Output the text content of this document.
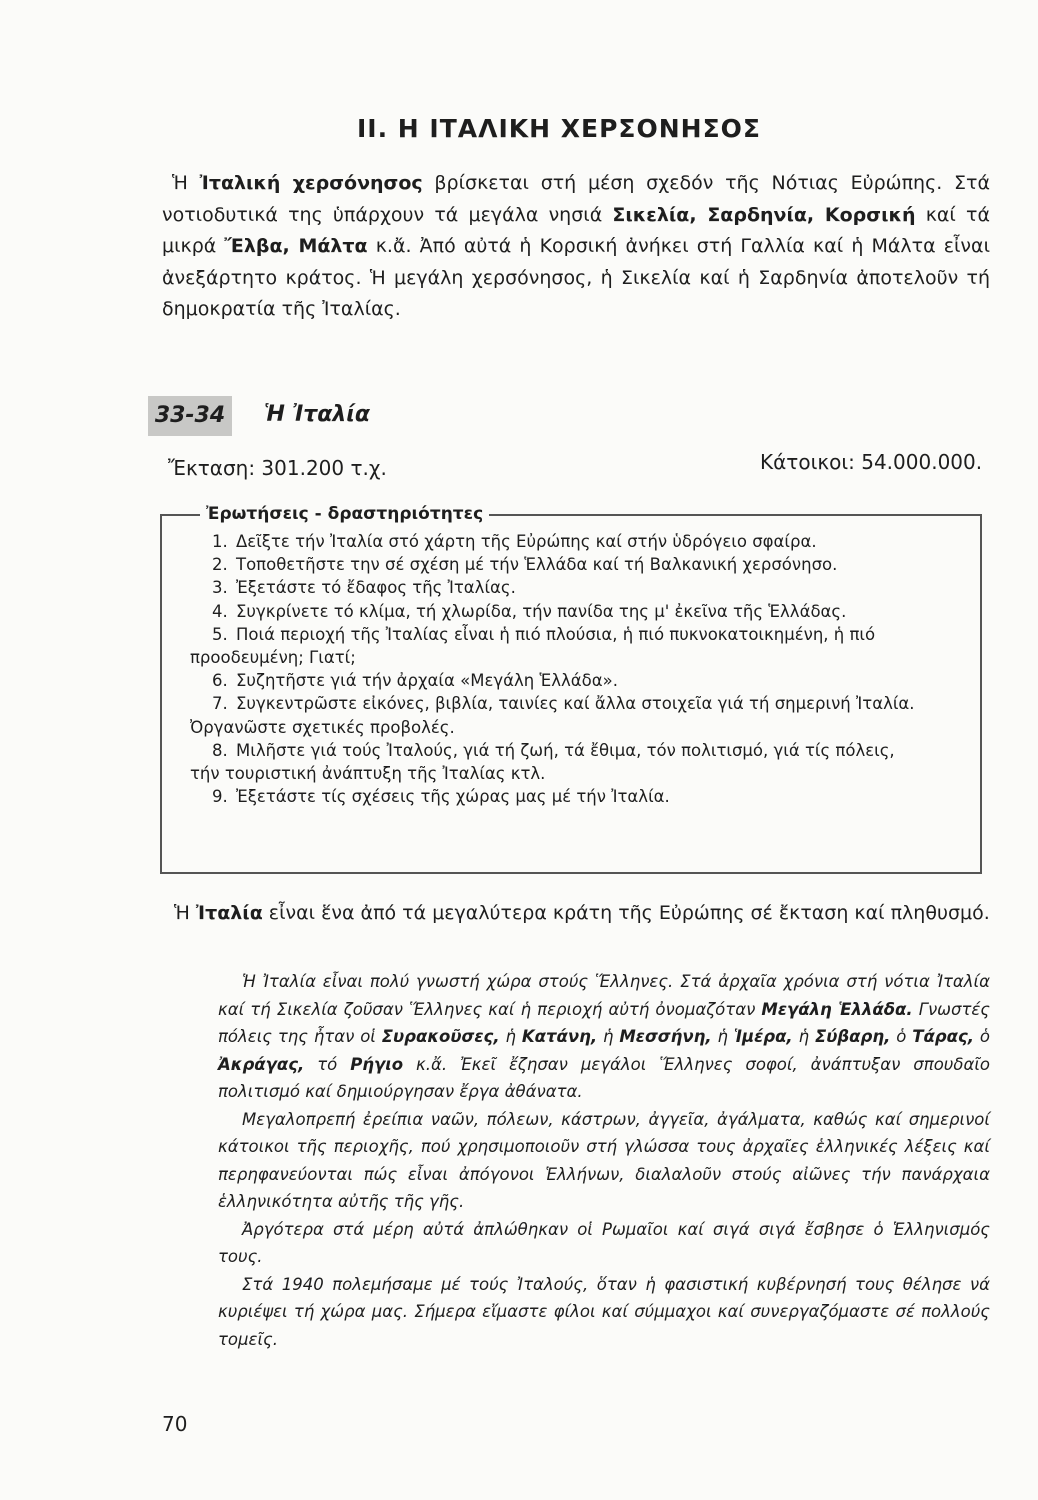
II. Η ΙΤΑΛΙΚΗ ΧΕΡΣΟΝΗΣΟΣ

Ἡ Ἰταλική χερσόνησος βρίσκεται στή μέση σχεδόν τῆς Νότιας Εὐρώπης. Στά νοτιοδυτικά της ὑπάρχουν τά μεγάλα νησιά Σικελία, Σαρδηνία, Κορσική καί τά μικρά Ἔλβα, Μάλτα κ.ἄ. Ἀπό αὐτά ἡ Κορσική ἀνήκει στή Γαλλία καί ἡ Μάλτα εἶναι ἀνεξάρτητο κράτος. Ἡ μεγάλη χερσόνησος, ἡ Σικελία καί ἡ Σαρδηνία ἀποτελοῦν τή δημοκρατία τῆς Ἰταλίας.

33-34	Ἡ Ἰταλία
Ἔκταση: 301.200 τ.χ.	Κάτοικοι: 54.000.000.
Ἐρωτήσεις - δραστηριότητες
1. Δεῖξτε τήν Ἰταλία στό χάρτη τῆς Εὐρώπης καί στήν ὑδρόγειο σφαίρα.
2. Τοποθετῆστε την σέ σχέση μέ τήν Ἑλλάδα καί τή Βαλκανική χερσόνησο.
3. Ἐξετάστε τό ἔδαφος τῆς Ἰταλίας.
4. Συγκρίνετε τό κλίμα, τή χλωρίδα, τήν πανίδα της μ' ἐκεῖνα τῆς Ἑλλάδας.
5. Ποιά περιοχή τῆς Ἰταλίας εἶναι ἡ πιό πλούσια, ἡ πιό πυκνοκατοικημένη, ἡ πιό
προοδευμένη; Γιατί;
6. Συζητῆστε γιά τήν ἀρχαία «Μεγάλη Ἑλλάδα».
7. Συγκεντρῶστε εἰκόνες, βιβλία, ταινίες καί ἄλλα στοιχεῖα γιά τή σημερινή Ἰταλία.
Ὀργανῶστε σχετικές προβολές.
8. Μιλῆστε γιά τούς Ἰταλούς, γιά τή ζωή, τά ἔθιμα, τόν πολιτισμό, γιά τίς πόλεις,
τήν τουριστική ἀνάπτυξη τῆς Ἰταλίας κτλ.
9. Ἐξετάστε τίς σχέσεις τῆς χώρας μας μέ τήν Ἰταλία.

Ἡ Ἰταλία εἶναι ἕνα ἀπό τά μεγαλύτερα κράτη τῆς Εὐρώπης σέ ἔκταση καί πληθυσμό.

Ἡ Ἰταλία εἶναι πολύ γνωστή χώρα στούς Ἕλληνες. Στά ἀρχαῖα χρόνια στή νότια Ἰταλία καί τή Σικελία ζοῦσαν Ἕλληνες καί ἡ περιοχή αὐτή ὀνομαζόταν Μεγάλη Ἑλλάδα. Γνωστές πόλεις της ἦταν οἱ Συρακοῦσες, ἡ Κατάνη, ἡ Μεσσήνη, ἡ Ἱμέρα, ἡ Σύβαρη, ὁ Τάρας, ὁ Ἀκράγας, τό Ρήγιο κ.ἄ. Ἐκεῖ ἔζησαν μεγάλοι Ἕλληνες σοφοί, ἀνάπτυξαν σπουδαῖο πολιτισμό καί δημιούργησαν ἔργα ἀθάνατα.

Μεγαλοπρεπή ἐρείπια ναῶν, πόλεων, κάστρων, ἀγγεῖα, ἀγάλματα, καθώς καί σημερινοί κάτοικοι τῆς περιοχῆς, πού χρησιμοποιοῦν στή γλώσσα τους ἀρχαῖες ἑλληνικές λέξεις καί περηφανεύονται πώς εἶναι ἀπόγονοι Ἑλλήνων, διαλαλοῦν στούς αἰῶνες τήν πανάρχαια ἑλληνικότητα αὐτῆς τῆς γῆς.

Ἀργότερα στά μέρη αὐτά ἀπλώθηκαν οἱ Ρωμαῖοι καί σιγά σιγά ἔσβησε ὁ Ἑλληνισμός τους.

Στά 1940 πολεμήσαμε μέ τούς Ἰταλούς, ὅταν ἡ φασιστική κυβέρνησή τους θέλησε νά κυριέψει τή χώρα μας. Σήμερα εἴμαστε φίλοι καί σύμμαχοι καί συνεργαζόμαστε σέ πολλούς τομεῖς.

70
